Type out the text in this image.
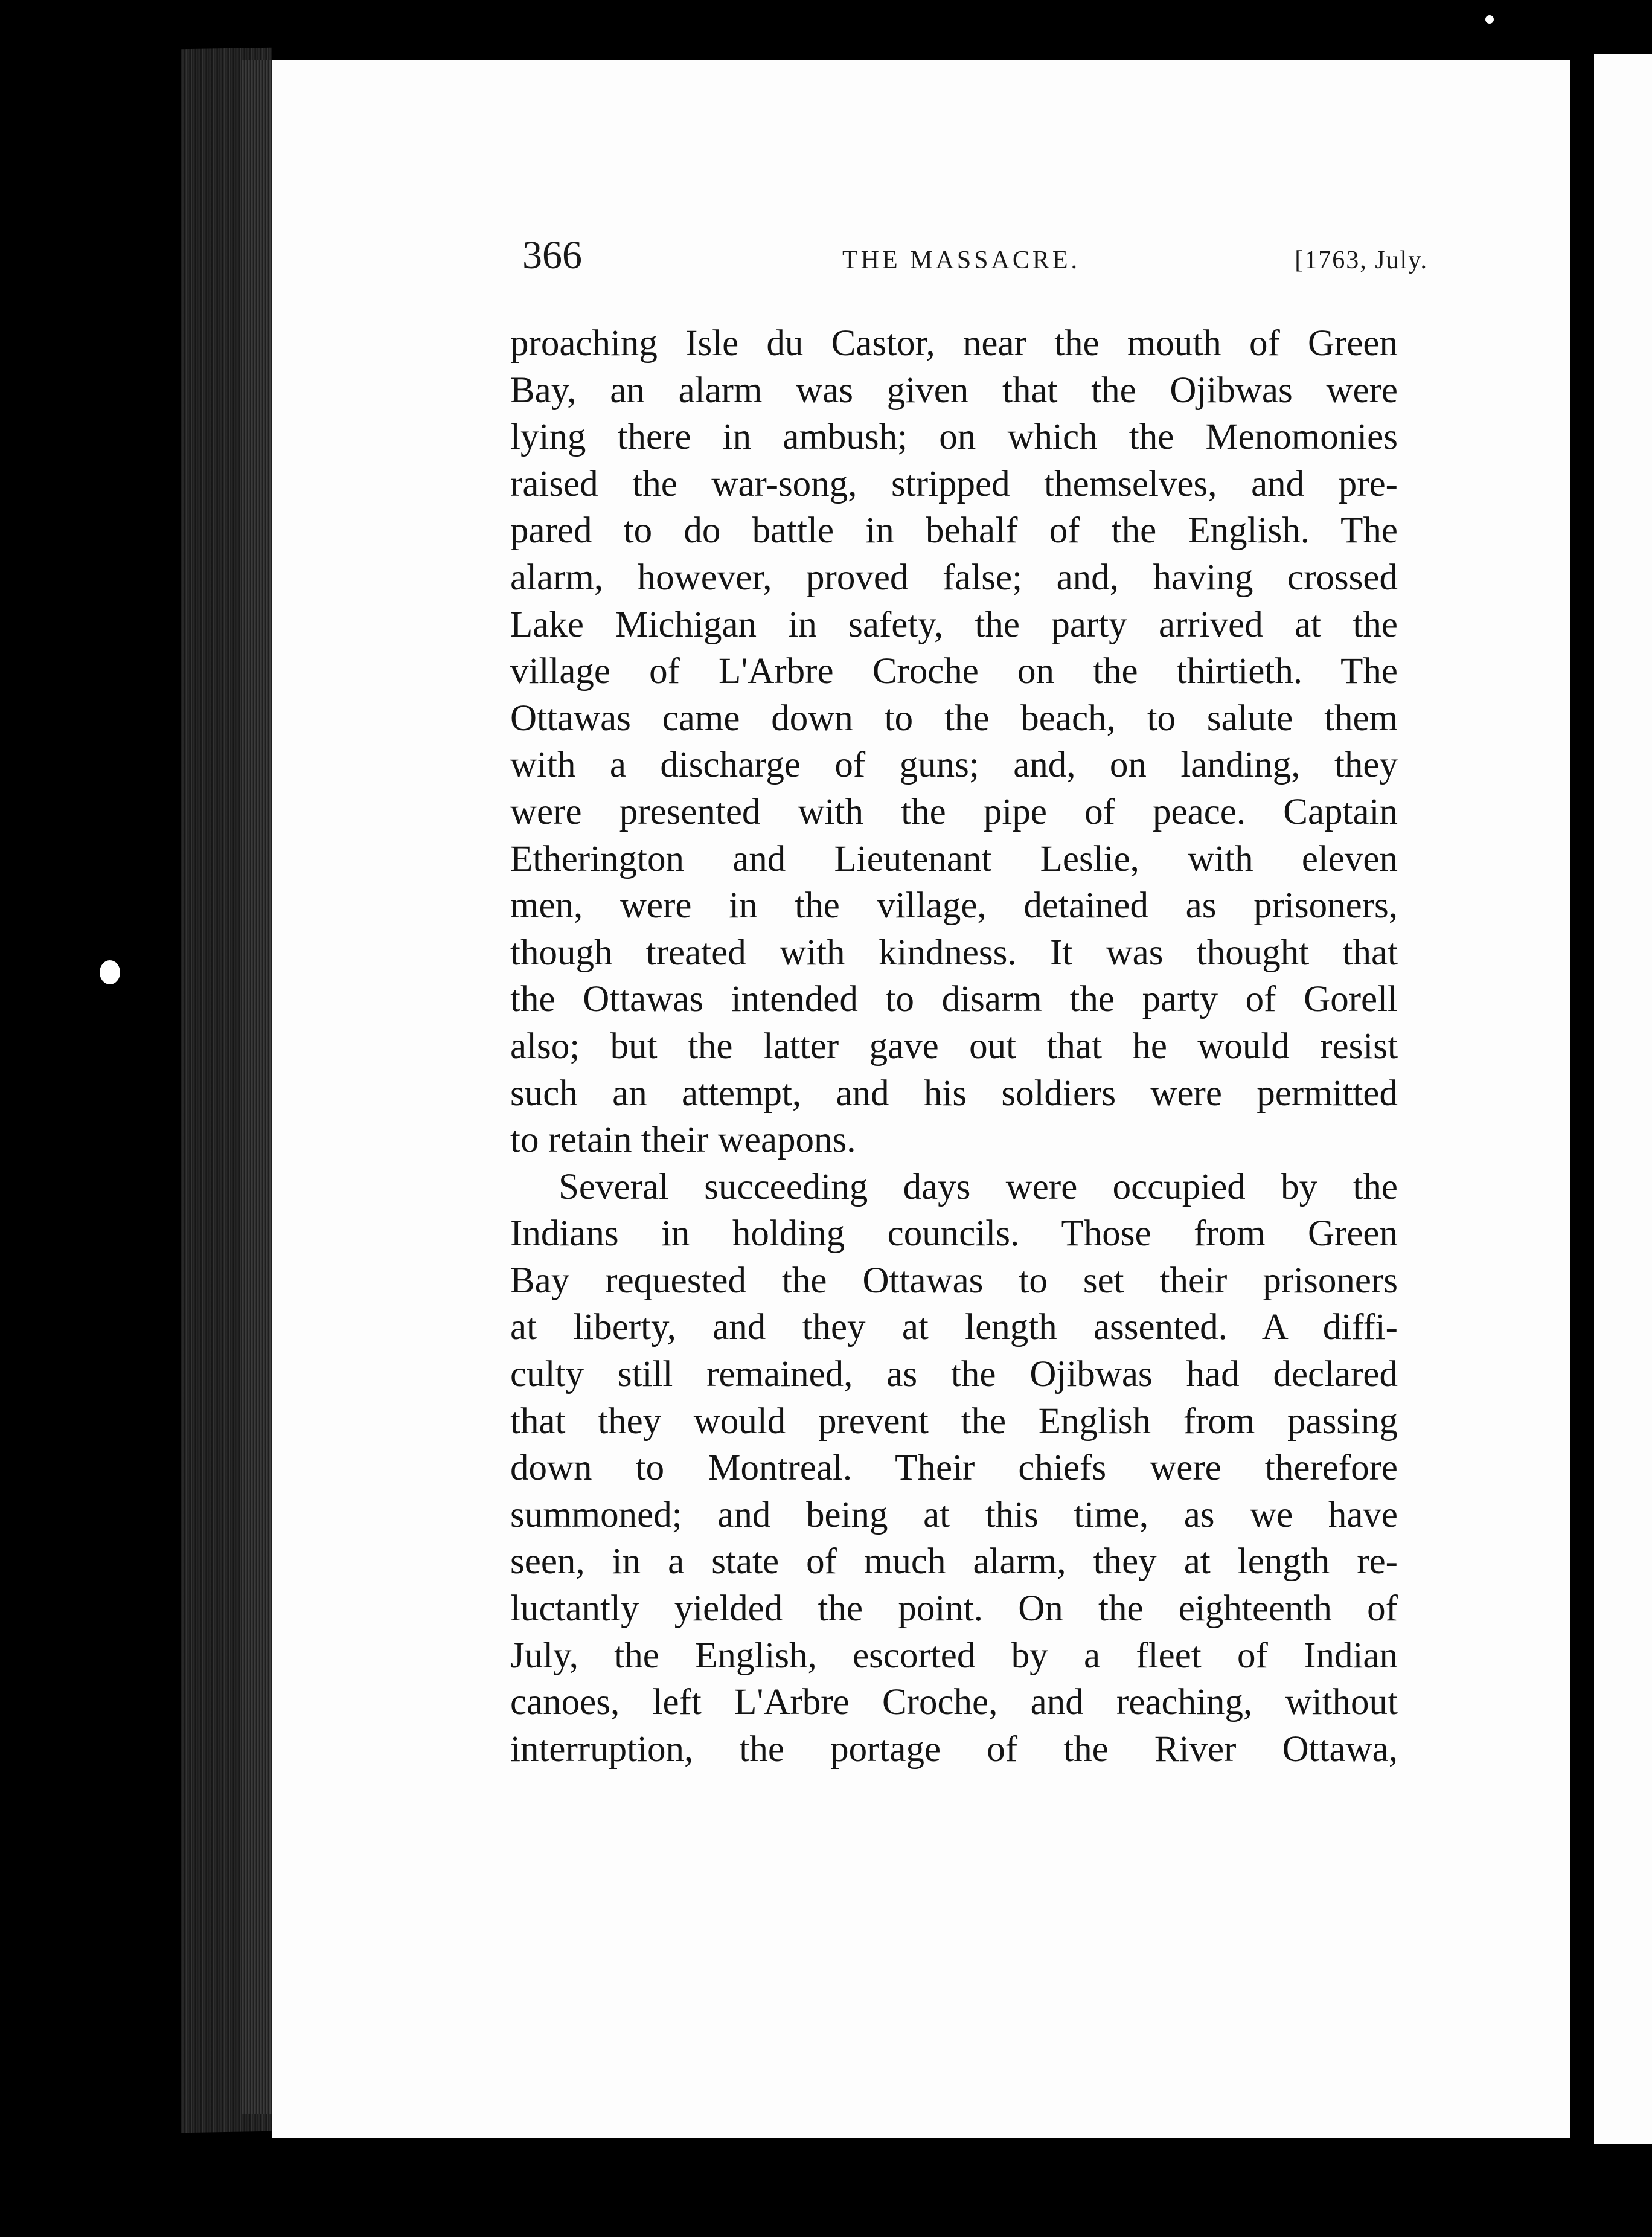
366	THE MASSACRE.	[1763, July.
proaching Isle du Castor, near the mouth of Green
Bay, an alarm was given that the Ojibwas were
lying there in ambush; on which the Menomonies
raised the war-song, stripped themselves, and pre-
pared to do battle in behalf of the English. The
alarm, however, proved false; and, having crossed
Lake Michigan in safety, the party arrived at the
village of L'Arbre Croche on the thirtieth. The
Ottawas came down to the beach, to salute them
with a discharge of guns; and, on landing, they
were presented with the pipe of peace. Captain
Etherington and Lieutenant Leslie, with eleven
men, were in the village, detained as prisoners,
though treated with kindness. It was thought that
the Ottawas intended to disarm the party of Gorell
also; but the latter gave out that he would resist
such an attempt, and his soldiers were permitted
to retain their weapons.
Several succeeding days were occupied by the
Indians in holding councils. Those from Green
Bay requested the Ottawas to set their prisoners
at liberty, and they at length assented. A diffi-
culty still remained, as the Ojibwas had declared
that they would prevent the English from passing
down to Montreal. Their chiefs were therefore
summoned; and being at this time, as we have
seen, in a state of much alarm, they at length re-
luctantly yielded the point. On the eighteenth of
July, the English, escorted by a fleet of Indian
canoes, left L'Arbre Croche, and reaching, without
interruption, the portage of the River Ottawa,
